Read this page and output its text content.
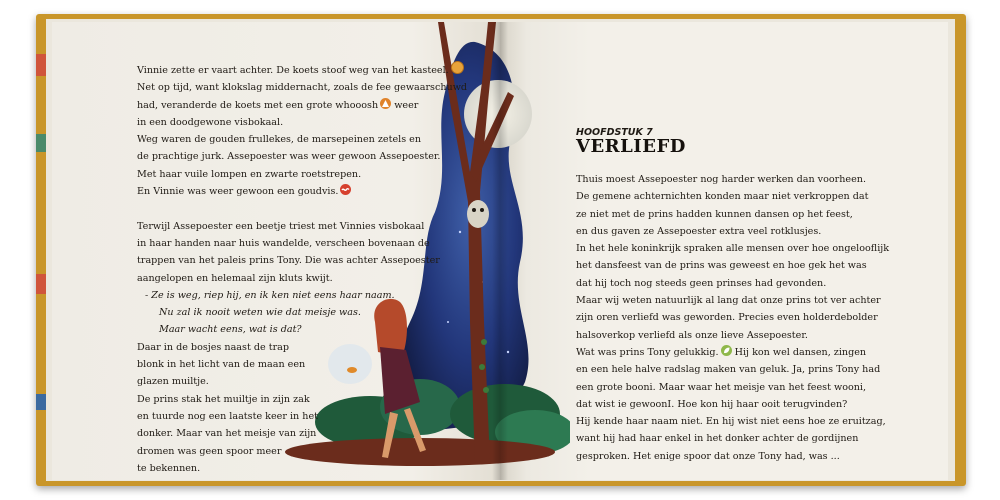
Vinnie zette er vaart achter. De koets stoof weg van het kasteel.

Net op tijd, want klokslag middernacht, zoals de fee gewaarschuwd

had, veranderde de koets met een grote whooosh weer

in een doodgewone visbokaal.

Weg waren de gouden frullekes, de marsepeinen zetels en

de prachtige jurk. Assepoester was weer gewoon Assepoester.

Met haar vuile lompen en zwarte roetstrepen.

En Vinnie was weer gewoon een goudvis.

Terwijl Assepoester een beetje triest met Vinnies visbokaal

in haar handen naar huis wandelde, verscheen bovenaan de

trappen van het paleis prins Tony. Die was achter Assepoester

aangelopen en helemaal zijn kluts kwijt.

- Ze is weg, riep hij, en ik ken niet eens haar naam.

Nu zal ik nooit weten wie dat meisje was.

Maar wacht eens, wat is dat?

Daar in de bosjes naast de trap

blonk in het licht van de maan een

glazen muiltje.

De prins stak het muiltje in zijn zak

en tuurde nog een laatste keer in het

donker. Maar van het meisje van zijn

dromen was geen spoor meer

te bekennen.

HOOFDSTUK 7
VERLIEFD

Thuis moest Assepoester nog harder werken dan voorheen.

De gemene achternichten konden maar niet verkroppen dat

ze niet met de prins hadden kunnen dansen op het feest,

en dus gaven ze Assepoester extra veel rotklusjes.

In het hele koninkrijk spraken alle mensen over hoe ongelooflijk

het dansfeest van de prins was geweest en hoe gek het was

dat hij toch nog steeds geen prinses had gevonden.

Maar wij weten natuurlijk al lang dat onze prins tot ver achter

zijn oren verliefd was geworden. Precies even holderdebolder

halsoverkop verliefd als onze lieve Assepoester.

Wat was prins Tony gelukkig. Hij kon wel dansen, zingen

en een hele halve radslag maken van geluk. Ja, prins Tony had

een grote booni. Maar waar het meisje van het feest wooni,

dat wist ie gewoonI. Hoe kon hij haar ooit terugvinden?

Hij kende haar naam niet. En hij wist niet eens hoe ze eruitzag,

want hij had haar enkel in het donker achter de gordijnen

gesproken. Het enige spoor dat onze Tony had, was ...
